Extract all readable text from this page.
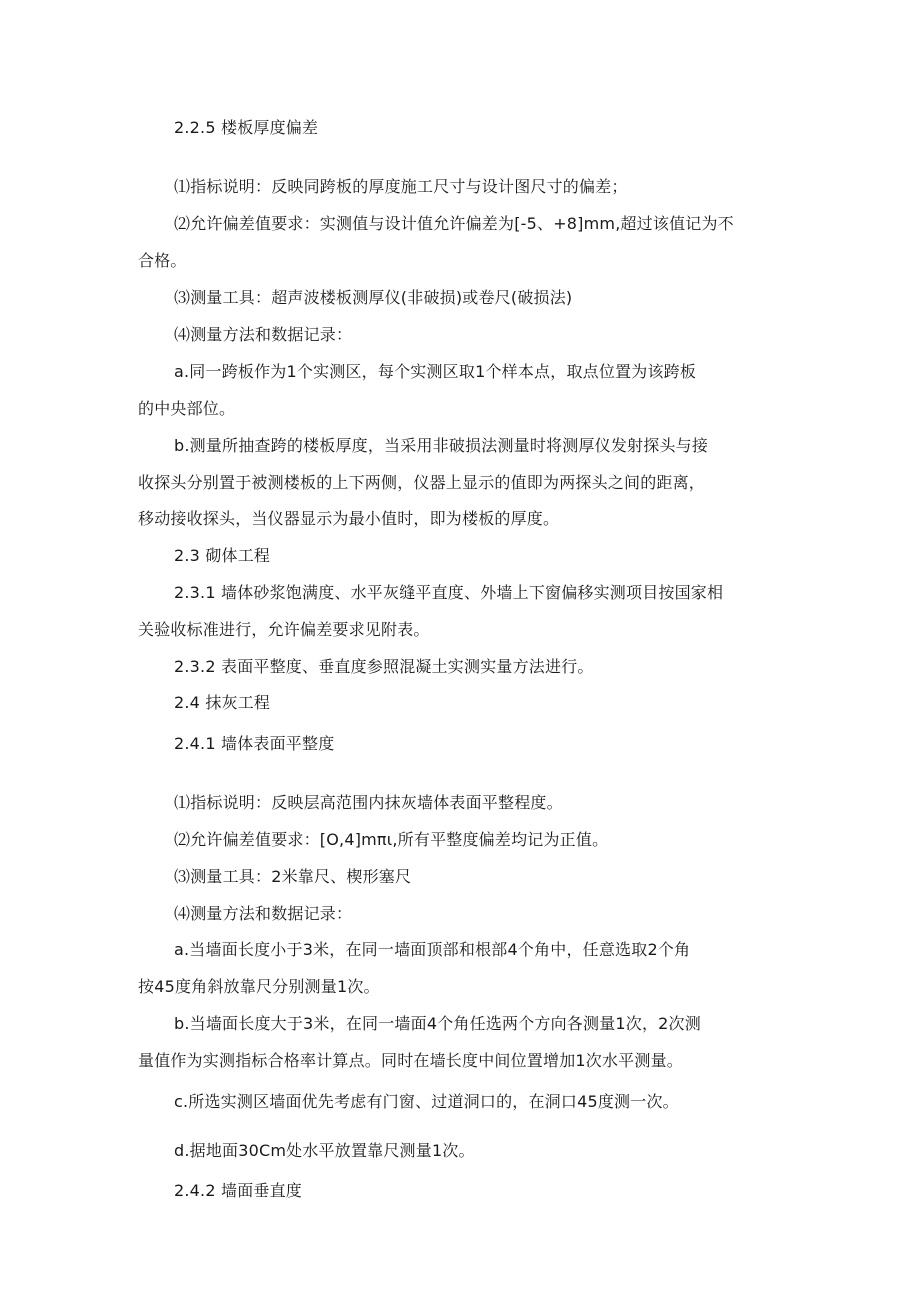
2.2.5 楼板厚度偏差
⑴指标说明：反映同跨板的厚度施工尺寸与设计图尺寸的偏差；
⑵允许偏差值要求：实测值与设计值允许偏差为[-5、+8]mm,超过该值记为不
合格。
⑶测量工具：超声波楼板测厚仪(非破损)或卷尺(破损法)
⑷测量方法和数据记录：
a.同一跨板作为1个实测区，每个实测区取1个样本点，取点位置为该跨板
的中央部位。
b.测量所抽查跨的楼板厚度，当采用非破损法测量时将测厚仪发射探头与接
收探头分别置于被测楼板的上下两侧，仪器上显示的值即为两探头之间的距离，
移动接收探头，当仪器显示为最小值时，即为楼板的厚度。
2.3 砌体工程
2.3.1 墙体砂浆饱满度、水平灰缝平直度、外墙上下窗偏移实测项目按国家相
关验收标准进行，允许偏差要求见附表。
2.3.2 表面平整度、垂直度参照混凝土实测实量方法进行。
2.4 抹灰工程
2.4.1 墙体表面平整度
⑴指标说明：反映层高范围内抹灰墙体表面平整程度。
⑵允许偏差值要求：[O,4]mπι,所有平整度偏差均记为正值。
⑶测量工具：2米靠尺、楔形塞尺
⑷测量方法和数据记录：
a.当墙面长度小于3米，在同一墙面顶部和根部4个角中，任意选取2个角
按45度角斜放靠尺分别测量1次。
b.当墙面长度大于3米，在同一墙面4个角任选两个方向各测量1次，2次测
量值作为实测指标合格率计算点。同时在墙长度中间位置增加1次水平测量。
c.所选实测区墙面优先考虑有门窗、过道洞口的，在洞口45度测一次。
d.据地面30Cm处水平放置靠尺测量1次。
2.4.2 墙面垂直度
